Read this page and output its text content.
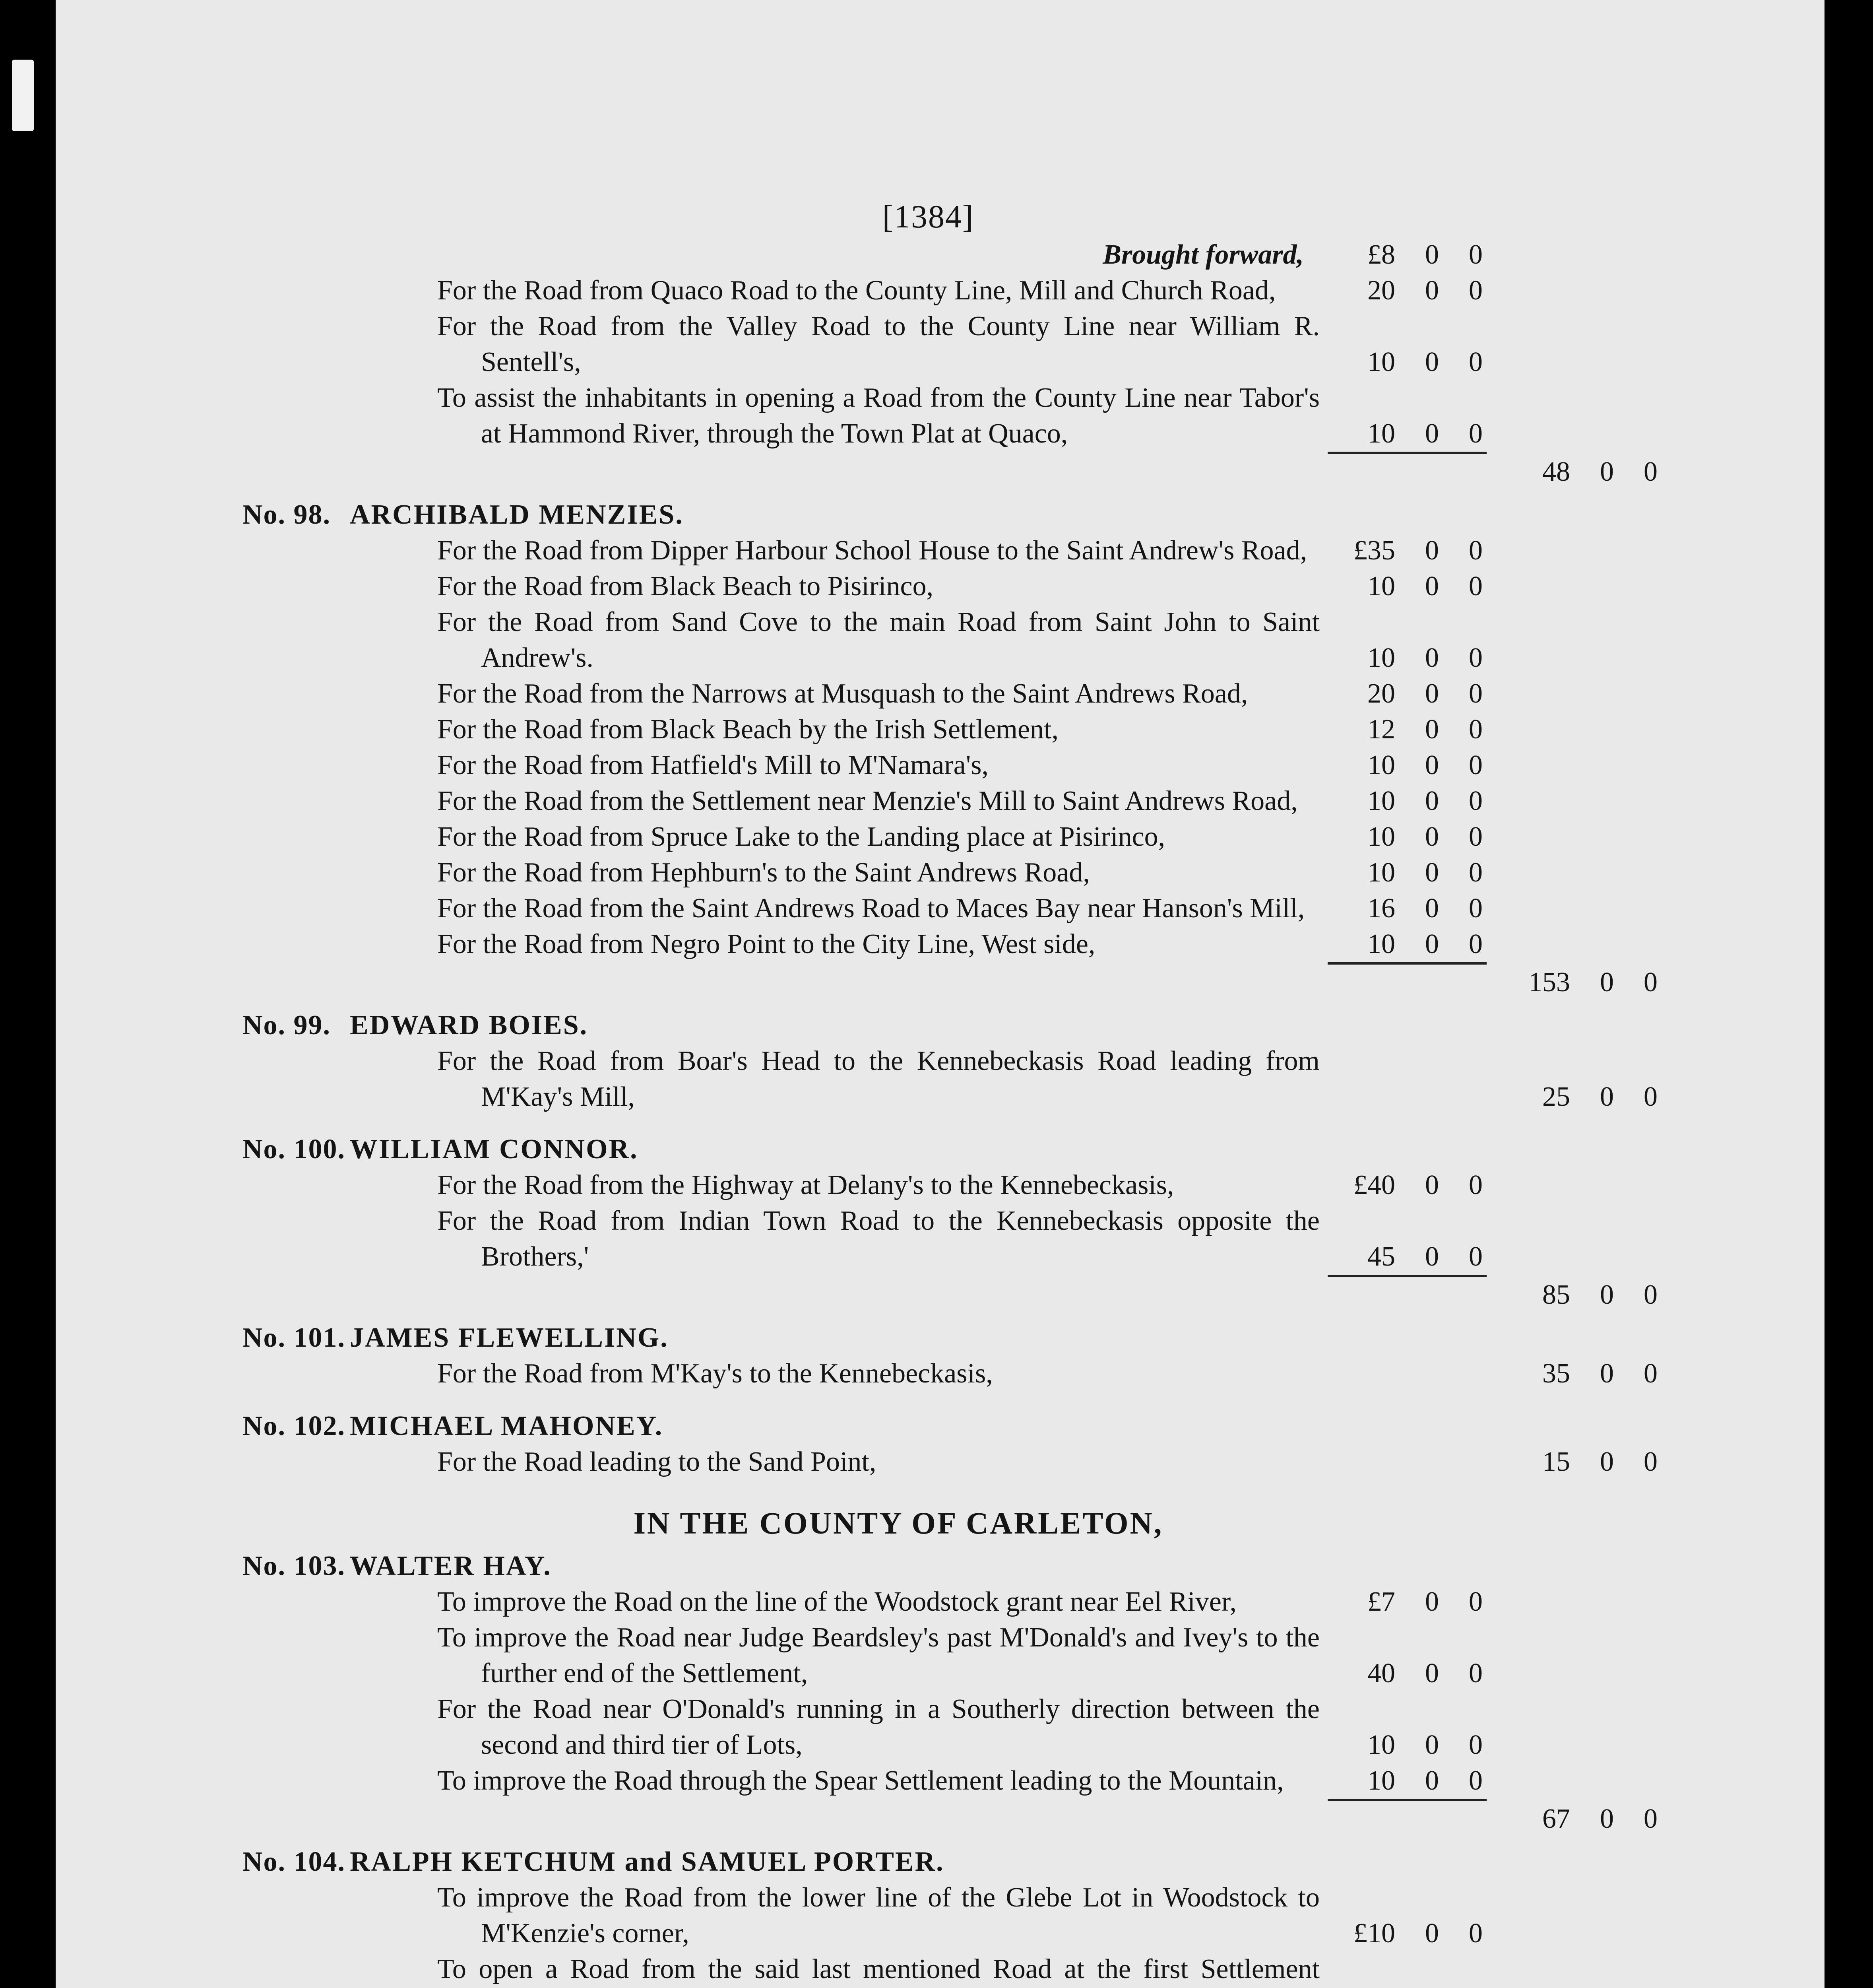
[1384]
Brought forward,	£8	0	0
For the Road from Quaco Road to the County Line, Mill and Church Road,	20	0	0
For the Road from the Valley Road to the County Line near William R. Sentell's,	10	0	0
To assist the inhabitants in opening a Road from the County Line near Tabor's at Hammond River, through the Town Plat at Quaco,	10	0	0
48	0	0
No. 98. ARCHIBALD MENZIES.
For the Road from Dipper Harbour School House to the Saint Andrew's Road,	£35	0	0
For the Road from Black Beach to Pisirinco,	10	0	0
For the Road from Sand Cove to the main Road from Saint John to Saint Andrew's.	10	0	0
For the Road from the Narrows at Musquash to the Saint Andrews Road,	20	0	0
For the Road from Black Beach by the Irish Settlement,	12	0	0
For the Road from Hatfield's Mill to M'Namara's,	10	0	0
For the Road from the Settlement near Menzie's Mill to Saint Andrews Road,	10	0	0
For the Road from Spruce Lake to the Landing place at Pisirinco,	10	0	0
For the Road from Hephburn's to the Saint Andrews Road,	10	0	0
For the Road from the Saint Andrews Road to Maces Bay near Hanson's Mill,	16	0	0
For the Road from Negro Point to the City Line, West side,	10	0	0
153	0	0
No. 99. EDWARD BOIES.
For the Road from Boar's Head to the Kennebeckasis Road leading from M'Kay's Mill,	25	0	0
No. 100. WILLIAM CONNOR.
For the Road from the Highway at Delany's to the Kennebeckasis,	£40	0	0
For the Road from Indian Town Road to the Kennebeckasis opposite the Brothers,'	45	0	0
85	0	0
No. 101. JAMES FLEWELLING.
For the Road from M'Kay's to the Kennebeckasis,	35	0	0
No. 102. MICHAEL MAHONEY.
For the Road leading to the Sand Point,	15	0	0
IN THE COUNTY OF CARLETON,
No. 103. WALTER HAY.
To improve the Road on the line of the Woodstock grant near Eel River,	£7	0	0
To improve the Road near Judge Beardsley's past M'Donald's and Ivey's to the further end of the Settlement,	40	0	0
For the Road near O'Donald's running in a Southerly direction between the second and third tier of Lots,	10	0	0
To improve the Road through the Spear Settlement leading to the Mountain,	10	0	0
67	0	0
No. 104. RALPH KETCHUM and SAMUEL PORTER.
To improve the Road from the lower line of the Glebe Lot in Woodstock to M'Kenzie's corner,	£10	0	0
To open a Road from the said last mentioned Road at the first Settlement
